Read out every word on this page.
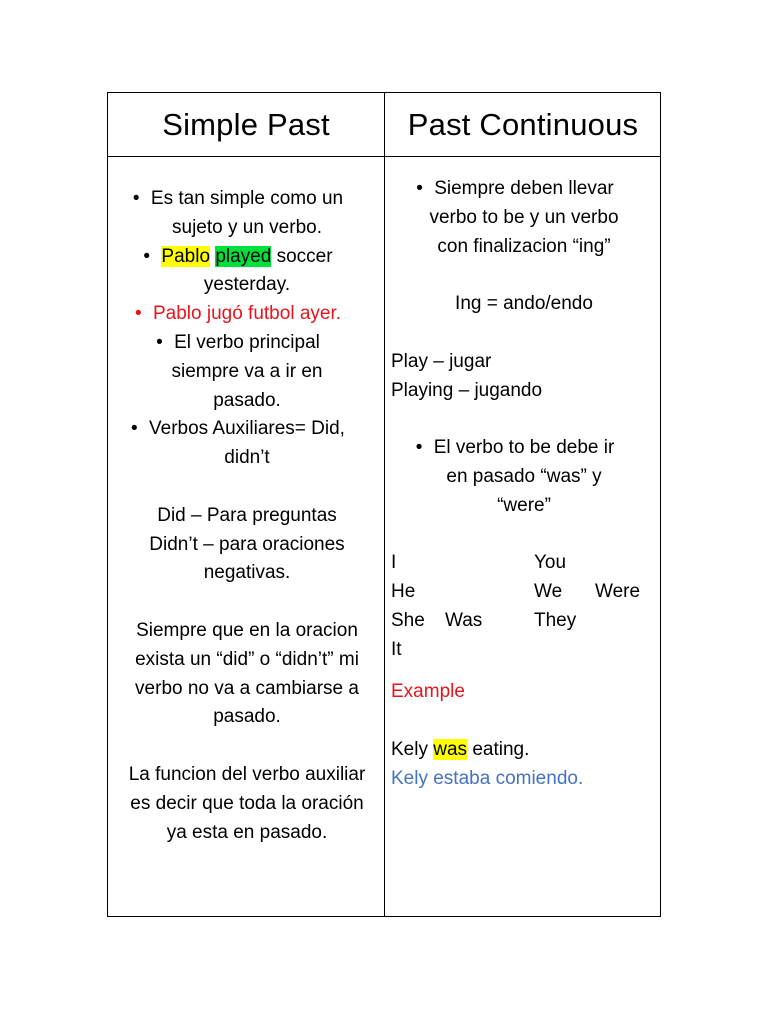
Simple Past	Past Continuous
• Es tan simple como un
sujeto y un verbo.
• Pablo played soccer
yesterday.
• Pablo jugó futbol ayer.
• El verbo principal
siempre va a ir en
pasado.
• Verbos Auxiliares= Did,
didn’t
Did – Para preguntas
Didn’t – para oraciones
negativas.
Siempre que en la oracion
exista un “did” o “didn’t” mi
verbo no va a cambiarse a
pasado.
La funcion del verbo auxiliar
es decir que toda la oración
ya esta en pasado.
• Siempre deben llevar
verbo to be y un verbo
con finalizacion “ing”
Ing = ando/endo
Play – jugar
Playing – jugando
• El verbo to be debe ir
en pasado “was” y
“were”
I
He
She
It
Was
You
We
They
Were
Example
Kely was eating.
Kely estaba comiendo.
